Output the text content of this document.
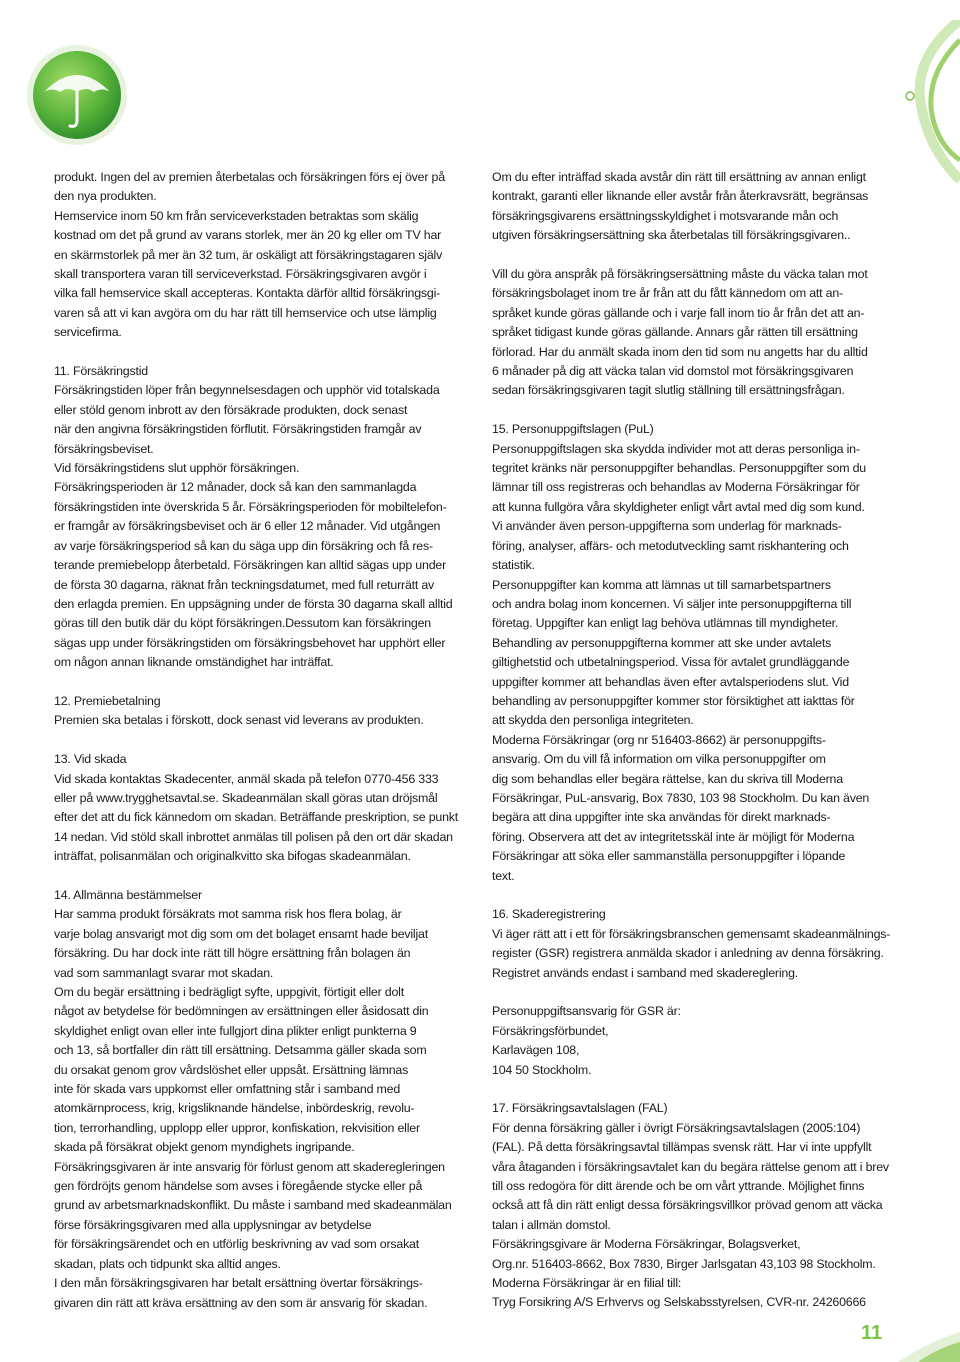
produkt. Ingen del av premien återbetalas och försäkringen förs ej över på
den nya produkten.

Hemservice inom 50 km från serviceverkstaden betraktas som skälig
kostnad om det på grund av varans storlek, mer än 20 kg eller om TV har
en skärmstorlek på mer än 32 tum, är oskäligt att försäkringstagaren själv
skall transportera varan till serviceverkstad. Försäkringsgivaren avgör i
vilka fall hemservice skall accepteras. Kontakta därför alltid försäkringsgi-
varen så att vi kan avgöra om du har rätt till hemservice och utse lämplig
servicefirma.

11. Försäkringstid

Försäkringstiden löper från begynnelsesdagen och upphör vid totalskada
eller stöld genom inbrott av den försäkrade produkten, dock senast
när den angivna försäkringstiden förflutit. Försäkringstiden framgår av
försäkringsbeviset.

Vid försäkringstidens slut upphör försäkringen.

Försäkringsperioden är 12 månader, dock så kan den sammanlagda
försäkringstiden inte överskrida 5 år. Försäkringsperioden för mobiltelefon-
er framgår av försäkringsbeviset och är 6 eller 12 månader. Vid utgången
av varje försäkringsperiod så kan du säga upp din försäkring och få res-
terande premiebelopp återbetald. Försäkringen kan alltid sägas upp under
de första 30 dagarna, räknat från teckningsdatumet, med full returrätt av
den erlagda premien. En uppsägning under de första 30 dagarna skall alltid
göras till den butik där du köpt försäkringen.Dessutom kan försäkringen
sägas upp under försäkringstiden om försäkringsbehovet har upphört eller
om någon annan liknande omständighet har inträffat.

12. Premiebetalning

Premien ska betalas i förskott, dock senast vid leverans av produkten.

13. Vid skada

Vid skada kontaktas Skadecenter, anmäl skada på telefon 0770-456 333
eller på www.trygghetsavtal.se. Skadeanmälan skall göras utan dröjsmål
efter det att du fick kännedom om skadan. Beträffande preskription, se punkt
14 nedan. Vid stöld skall inbrottet anmälas till polisen på den ort där skadan
inträffat, polisanmälan och originalkvitto ska bifogas skadeanmälan.

14. Allmänna bestämmelser

Har samma produkt försäkrats mot samma risk hos flera bolag, är
varje bolag ansvarigt mot dig som om det bolaget ensamt hade beviljat
försäkring. Du har dock inte rätt till högre ersättning från bolagen än
vad som sammanlagt svarar mot skadan.

Om du begär ersättning i bedrägligt syfte, uppgivit, förtigit eller dolt
något av betydelse för bedömningen av ersättningen eller åsidosatt din
skyldighet enligt ovan eller inte fullgjort dina plikter enligt punkterna 9
och 13, så bortfaller din rätt till ersättning. Detsamma gäller skada som
du orsakat genom grov vårdslöshet eller uppsåt. Ersättning lämnas
inte för skada vars uppkomst eller omfattning står i samband med
atomkärnprocess, krig, krigsliknande händelse, inbördeskrig, revolu-
tion, terrorhandling, upplopp eller uppror, konfiskation, rekvisition eller
skada på försäkrat objekt genom myndighets ingripande.

Försäkringsgivaren är inte ansvarig för förlust genom att skaderegleringen
gen fördröjts genom händelse som avses i föregående stycke eller på
grund av arbetsmarknadskonflikt. Du måste i samband med skadeanmälan förse försäkringsgivaren med alla upplysningar av betydelse
för försäkringsärendet och en utförlig beskrivning av vad som orsakat
skadan, plats och tidpunkt ska alltid anges.

I den mån försäkringsgivaren har betalt ersättning övertar försäkrings-
givaren din rätt att kräva ersättning av den som är ansvarig för skadan.

Om du efter inträffad skada avstår din rätt till ersättning av annan enligt
kontrakt, garanti eller liknande eller avstår från återkravsrätt, begränsas
försäkringsgivarens ersättningsskyldighet i motsvarande mån och
utgiven försäkringsersättning ska återbetalas till försäkringsgivaren..

Vill du göra anspråk på försäkringsersättning måste du väcka talan mot
försäkringsbolaget inom tre år från att du fått kännedom om att an-
språket kunde göras gällande och i varje fall inom tio år från det att an-
språket tidigast kunde göras gällande. Annars går rätten till ersättning
förlorad. Har du anmält skada inom den tid som nu angetts har du alltid
6 månader på dig att väcka talan vid domstol mot försäkringsgivaren
sedan försäkringsgivaren tagit slutlig ställning till ersättningsfrågan.

15. Personuppgiftslagen (PuL)

Personuppgiftslagen ska skydda individer mot att deras personliga in-
tegritet kränks när personuppgifter behandlas. Personuppgifter som du
lämnar till oss registreras och behandlas av Moderna Försäkringar för
att kunna fullgöra våra skyldigheter enligt vårt avtal med dig som kund.
Vi använder även person-uppgifterna som underlag för marknads-
föring, analyser, affärs- och metodutveckling samt riskhantering och
statistik.

Personuppgifter kan komma att lämnas ut till samarbetspartners
och andra bolag inom koncernen. Vi säljer inte personuppgifterna till
företag. Uppgifter kan enligt lag behöva utlämnas till myndigheter.
Behandling av personuppgifterna kommer att ske under avtalets
giltighetstid och utbetalningsperiod. Vissa för avtalet grundläggande
uppgifter kommer att behandlas även efter avtalsperiodens slut. Vid
behandling av personuppgifter kommer stor försiktighet att iakttas för
att skydda den personliga integriteten.

Moderna Försäkringar (org nr 516403-8662) är personuppgifts-
ansvarig. Om du vill få information om vilka personuppgifter om
dig som behandlas eller begära rättelse, kan du skriva till Moderna
Försäkringar, PuL-ansvarig, Box 7830, 103 98 Stockholm. Du kan även
begära att dina uppgifter inte ska användas för direkt marknads-
föring. Observera att det av integritetsskäl inte är möjligt för Moderna
Försäkringar att söka eller sammanställa personuppgifter i löpande
text.

16. Skaderegistrering

Vi äger rätt att i ett för försäkringsbranschen gemensamt skadeanmälnings-
register (GSR) registrera anmälda skador i anledning av denna försäkring.
Registret används endast i samband med skadereglering.

Personuppgiftsansvarig för GSR är:
Försäkringsförbundet,
Karlavägen 108,
104 50 Stockholm.

17. Försäkringsavtalslagen (FAL)

För denna försäkring gäller i övrigt Försäkringsavtalslagen (2005:104)
(FAL). På detta försäkringsavtal tillämpas svensk rätt. Har vi inte uppfyllt
våra åtaganden i försäkringsavtalet kan du begära rättelse genom att i brev
till oss redogöra för ditt ärende och be om vårt yttrande. Möjlighet finns
också att få din rätt enligt dessa försäkringsvillkor prövad genom att väcka
talan i allmän domstol.

Försäkringsgivare är Moderna Försäkringar, Bolagsverket,
Org.nr. 516403-8662, Box 7830, Birger Jarlsgatan 43,103 98 Stockholm.
Moderna Försäkringar är en filial till:
Tryg Forsikring A/S Erhvervs og Selskabsstyrelsen, CVR-nr. 24260666

11
